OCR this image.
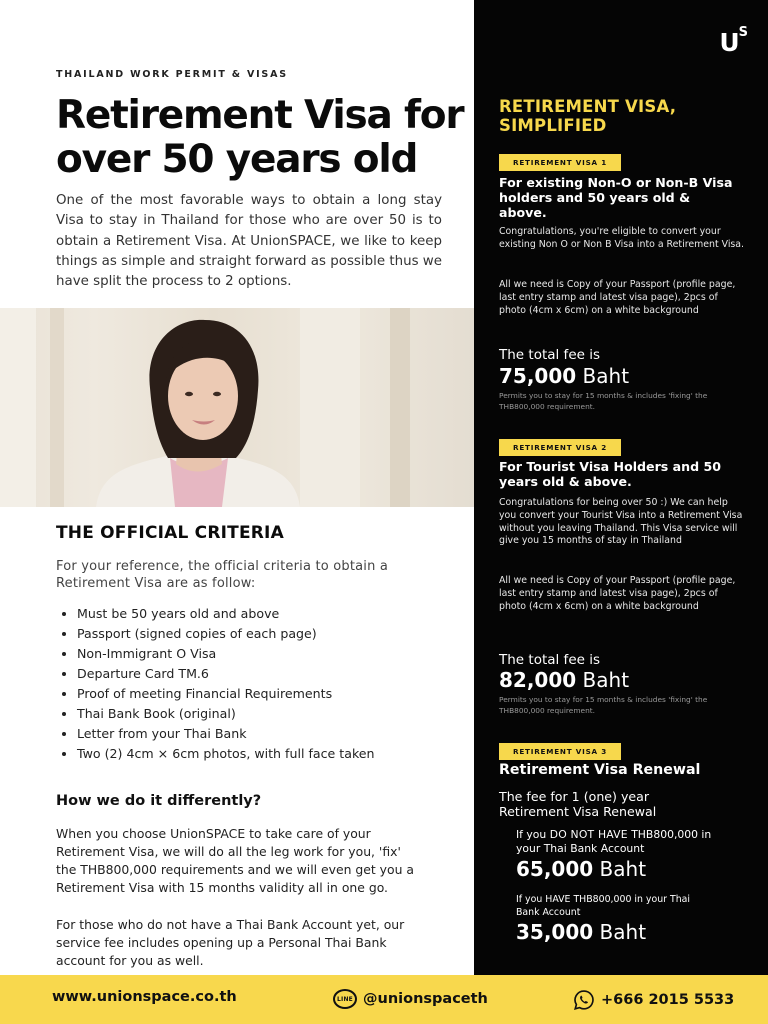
THAILAND WORK PERMIT & VISAS
Retirement Visa for
over 50 years old

One of the most favorable ways to obtain a long stay Visa to stay in Thailand for those who are over 50 is to obtain a Retirement Visa. At UnionSPACE, we like to keep things as simple and straight forward as possible thus we have split the process to 2 options.

THE OFFICIAL CRITERIA

For your reference, the official criteria to obtain a Retirement Visa are as follow:

Must be 50 years old and above
Passport (signed copies of each page)
Non-Immigrant O Visa
Departure Card TM.6
Proof of meeting Financial Requirements
Thai Bank Book (original)
Letter from your Thai Bank
Two (2) 4cm × 6cm photos, with full face taken
How we do it differently?

When you choose UnionSPACE to take care of your Retirement Visa, we will do all the leg work for you, 'fix' the THB800,000 requirements and we will even get you a Retirement Visa with 15 months validity all in one go.

For those who do not have a Thai Bank Account yet, our service fee includes opening up a Personal Thai Bank account for you as well.

$U^S$
RETIREMENT VISA, SIMPLIFIED
RETIREMENT VISA 1
For existing Non-O or Non-B Visa holders and 50 years old & above.
Congratulations, you're eligible to convert your existing Non O or Non B Visa into a Retirement Visa.
All we need is Copy of your Passport (profile page, last entry stamp and latest visa page), 2pcs of photo (4cm x 6cm) on a white background
The total fee is
75,000 Baht
Permits you to stay for 15 months & includes 'fixing' the THB800,000 requirement.
RETIREMENT VISA 2
For Tourist Visa Holders and 50 years old & above.
Congratulations for being over 50 :) We can help you convert your Tourist Visa into a Retirement Visa without you leaving Thailand. This Visa service will give you 15 months of stay in Thailand
All we need is Copy of your Passport (profile page, last entry stamp and latest visa page), 2pcs of photo (4cm x 6cm) on a white background
The total fee is
82,000 Baht
Permits you to stay for 15 months & includes 'fixing' the THB800,000 requirement.
RETIREMENT VISA 3
Retirement Visa Renewal
The fee for 1 (one) year Retirement Visa Renewal
If you DO NOT HAVE THB800,000 in your Thai Bank Account
65,000 Baht
If you HAVE THB800,000 in your Thai Bank Account
35,000 Baht
www.unionspace.co.th	LINE @unionspaceth	+666 2015 5533
